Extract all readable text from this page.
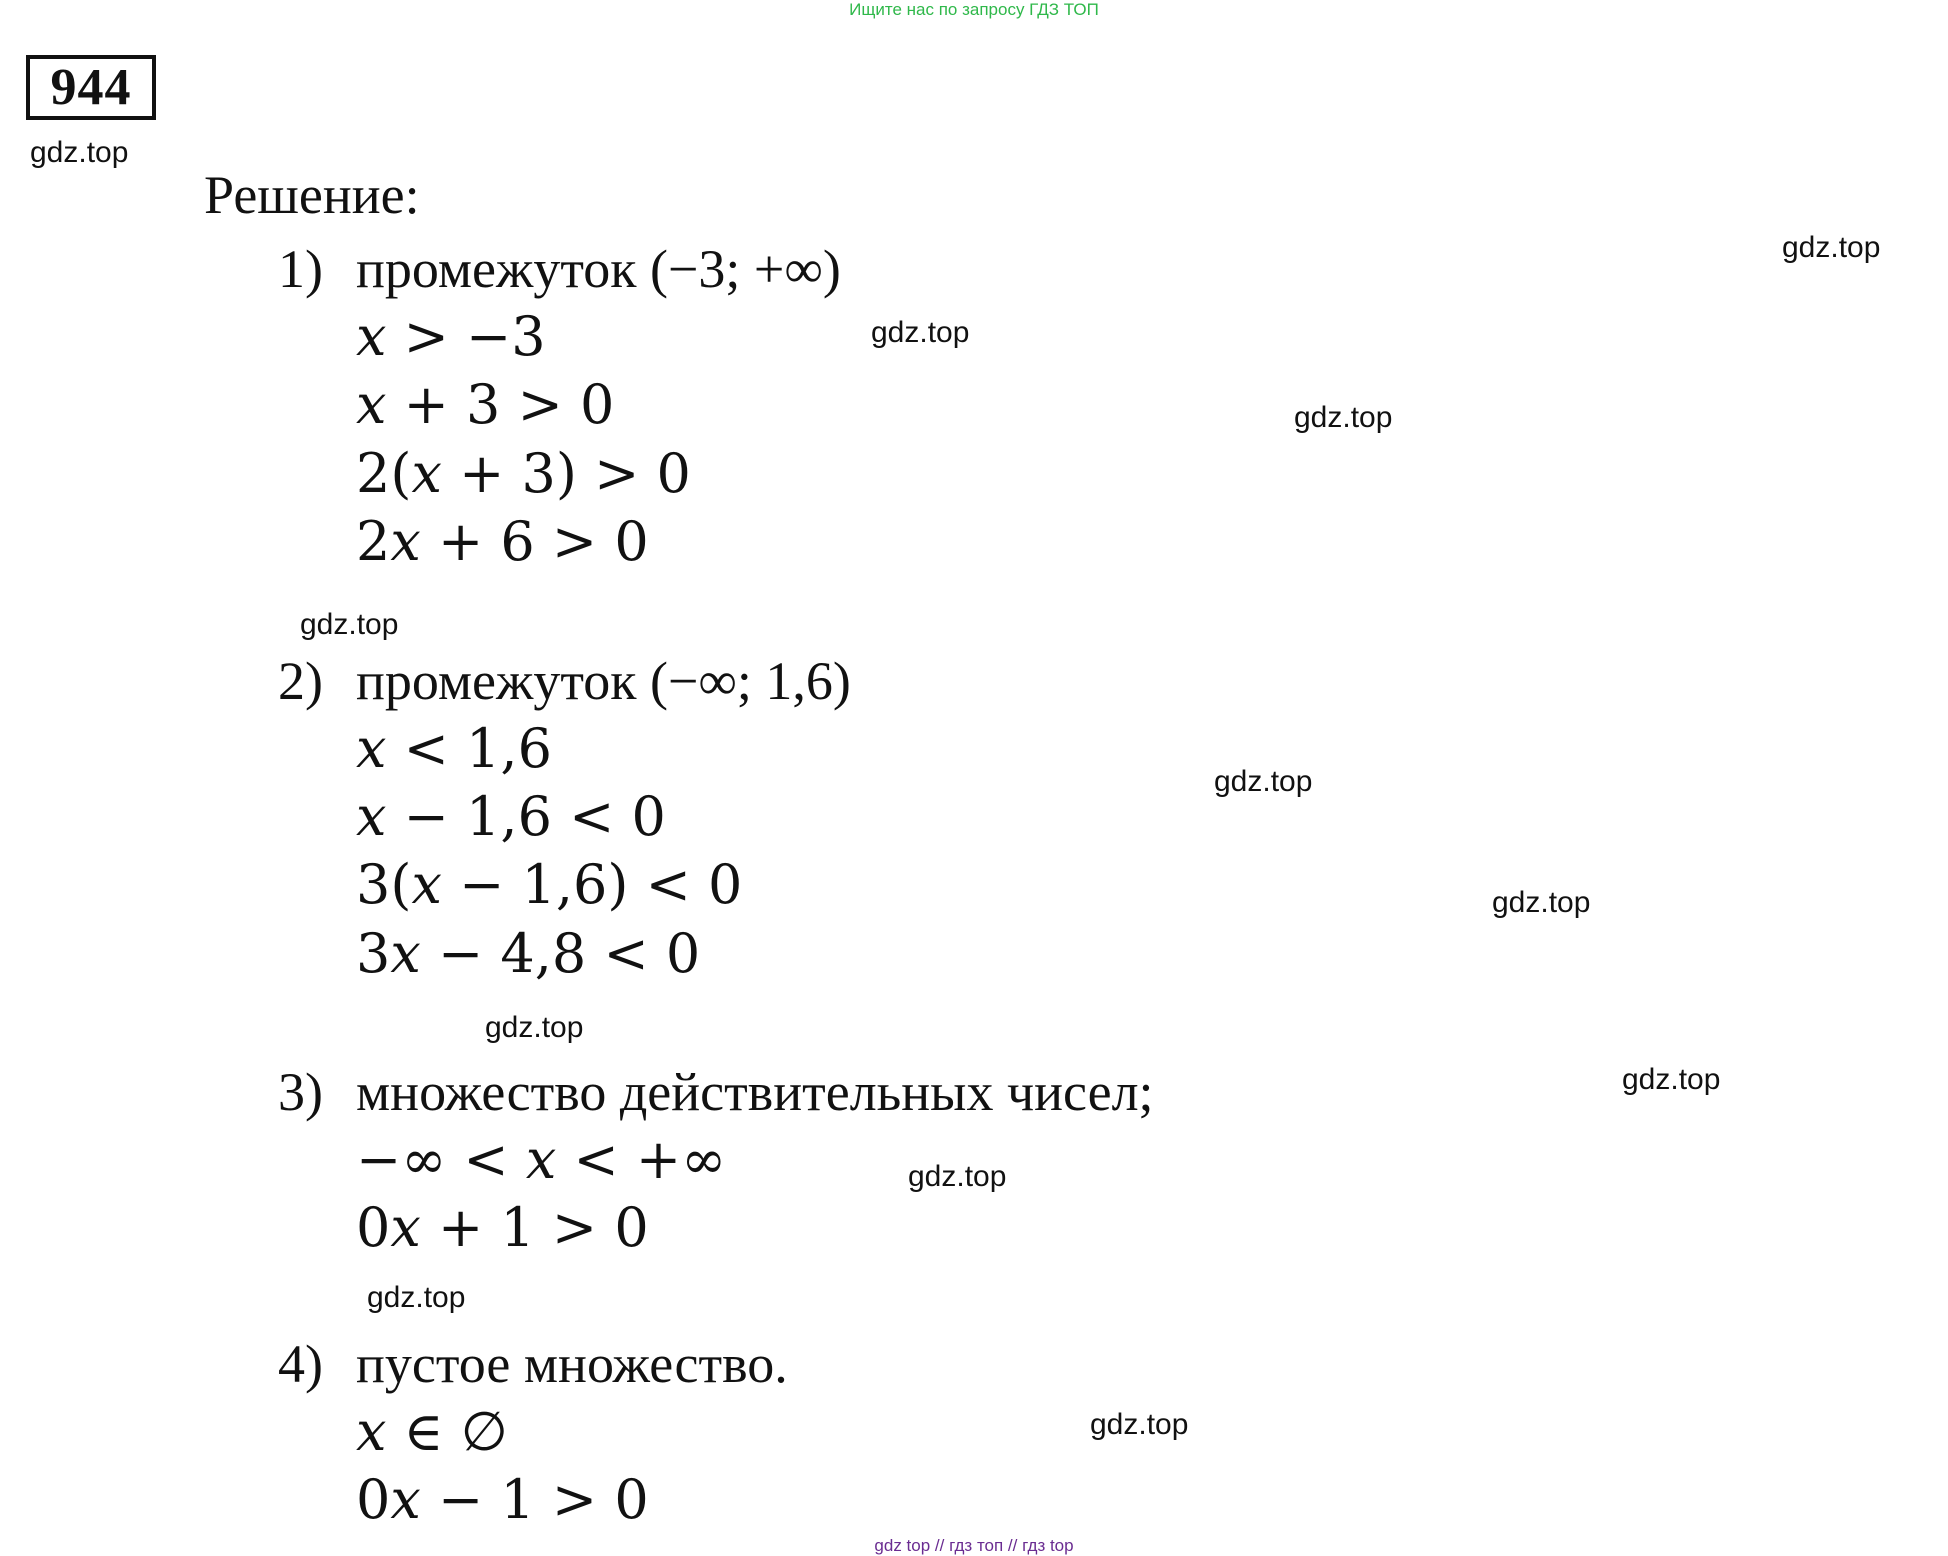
Ищите нас по запросу ГДЗ ТОП
944
gdz.top
gdz.top
gdz.top
gdz.top
gdz.top
gdz.top
gdz.top
gdz.top
gdz.top
gdz.top
gdz.top
gdz.top
Решение:
1) промежуток (−3; +∞)
x > −3
x + 3 > 0
2(x + 3) > 0
2x + 6 > 0
2) промежуток (−∞; 1,6)
x < 1,6
x − 1,6 < 0
3(x − 1,6) < 0
3x − 4,8 < 0
3) множество действительных чисел;
−∞ < x < +∞
0x + 1 > 0
4) пустое множество.
x ∈ ∅
0x − 1 > 0
gdz top // гдз топ // гдз top
